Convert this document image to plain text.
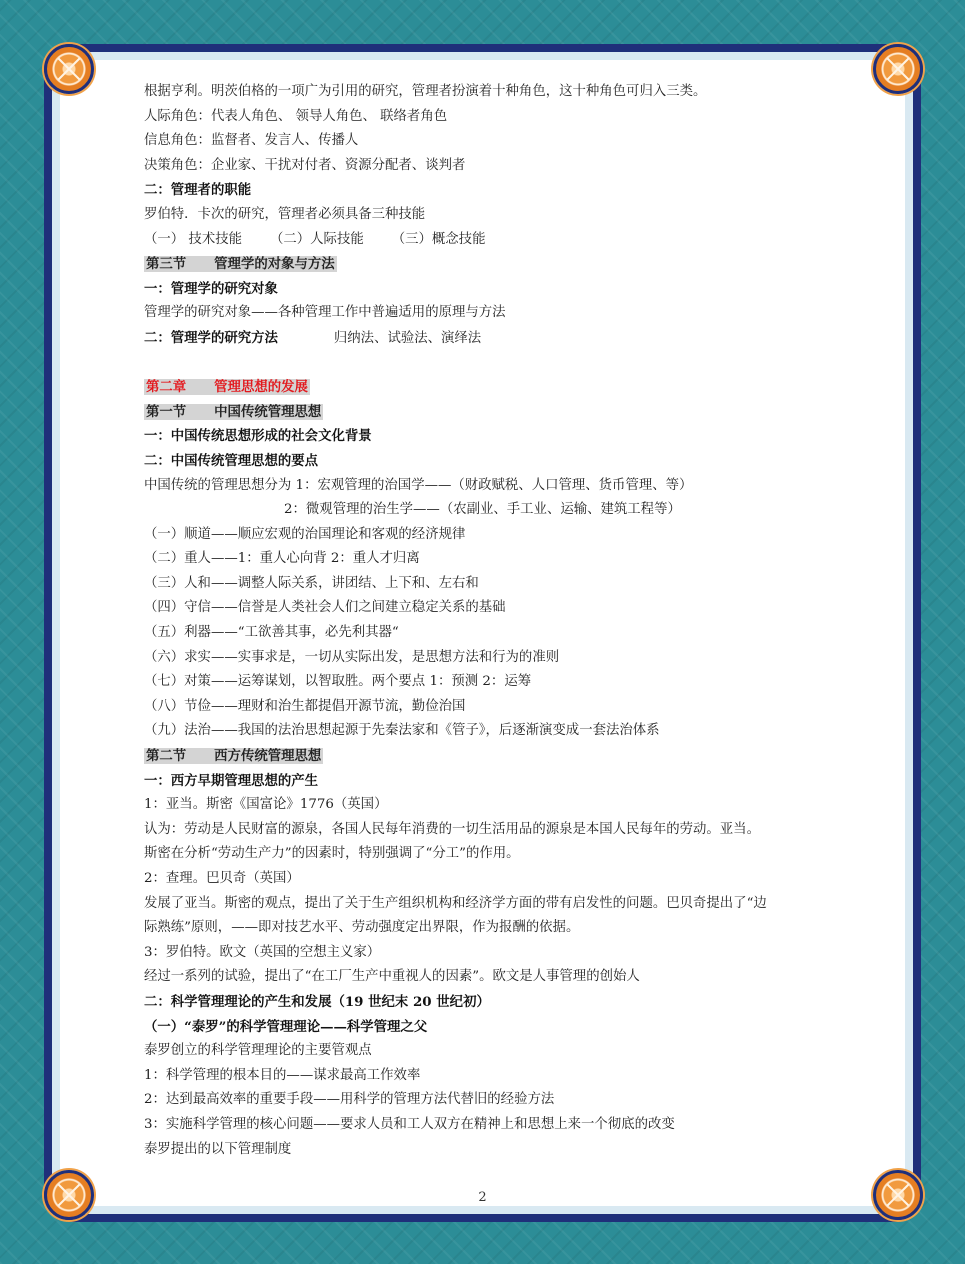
根据亨利。明茨伯格的一项广为引用的研究，管理者扮演着十种角色，这十种角色可归入三类。
人际角色：代表人角色、 领导人角色、 联络者角色
信息角色：监督者、发言人、传播人
决策角色：企业家、干扰对付者、资源分配者、谈判者
二：管理者的职能
罗伯特．卡次的研究，管理者必须具备三种技能
（一） 技术技能 （二）人际技能 （三）概念技能
第三节 管理学的对象与方法
一：管理学的研究对象
管理学的研究对象——各种管理工作中普遍适用的原理与方法
二：管理学的研究方法	归纳法、试验法、演绎法
第二章 管理思想的发展
第一节 中国传统管理思想
一：中国传统思想形成的社会文化背景
二：中国传统管理思想的要点
中国传统的管理思想分为 1：宏观管理的治国学——（财政赋税、人口管理、货币管理、等）
2：微观管理的治生学——（农副业、手工业、运输、建筑工程等）
（一）顺道——顺应宏观的治国理论和客观的经济规律
（二）重人——1：重人心向背 2：重人才归离
（三）人和——调整人际关系，讲团结、上下和、左右和
（四）守信——信誉是人类社会人们之间建立稳定关系的基础
（五）利器——“工欲善其事，必先利其器“
（六）求实——实事求是，一切从实际出发，是思想方法和行为的准则
（七）对策——运筹谋划，以智取胜。两个要点 1：预测 2：运筹
（八）节俭——理财和治生都提倡开源节流，勤俭治国
（九）法治——我国的法治思想起源于先秦法家和《管子》，后逐渐演变成一套法治体系
第二节 西方传统管理思想
一：西方早期管理思想的产生
1：亚当。斯密《国富论》1776（英国）
认为：劳动是人民财富的源泉，各国人民每年消费的一切生活用品的源泉是本国人民每年的劳动。亚当。
斯密在分析“劳动生产力”的因素时，特别强调了“分工”的作用。
2：查理。巴贝奇（英国）
发展了亚当。斯密的观点，提出了关于生产组织机构和经济学方面的带有启发性的问题。巴贝奇提出了“边
际熟练”原则，——即对技艺水平、劳动强度定出界限，作为报酬的依据。
3：罗伯特。欧文（英国的空想主义家）
经过一系列的试验，提出了“在工厂生产中重视人的因素”。欧文是人事管理的创始人
二：科学管理理论的产生和发展（19 世纪末 20 世纪初）
（一）“泰罗”的科学管理理论——科学管理之父
泰罗创立的科学管理理论的主要管观点
1：科学管理的根本目的——谋求最高工作效率
2：达到最高效率的重要手段——用科学的管理方法代替旧的经验方法
3：实施科学管理的核心问题——要求人员和工人双方在精神上和思想上来一个彻底的改变
泰罗提出的以下管理制度
2
